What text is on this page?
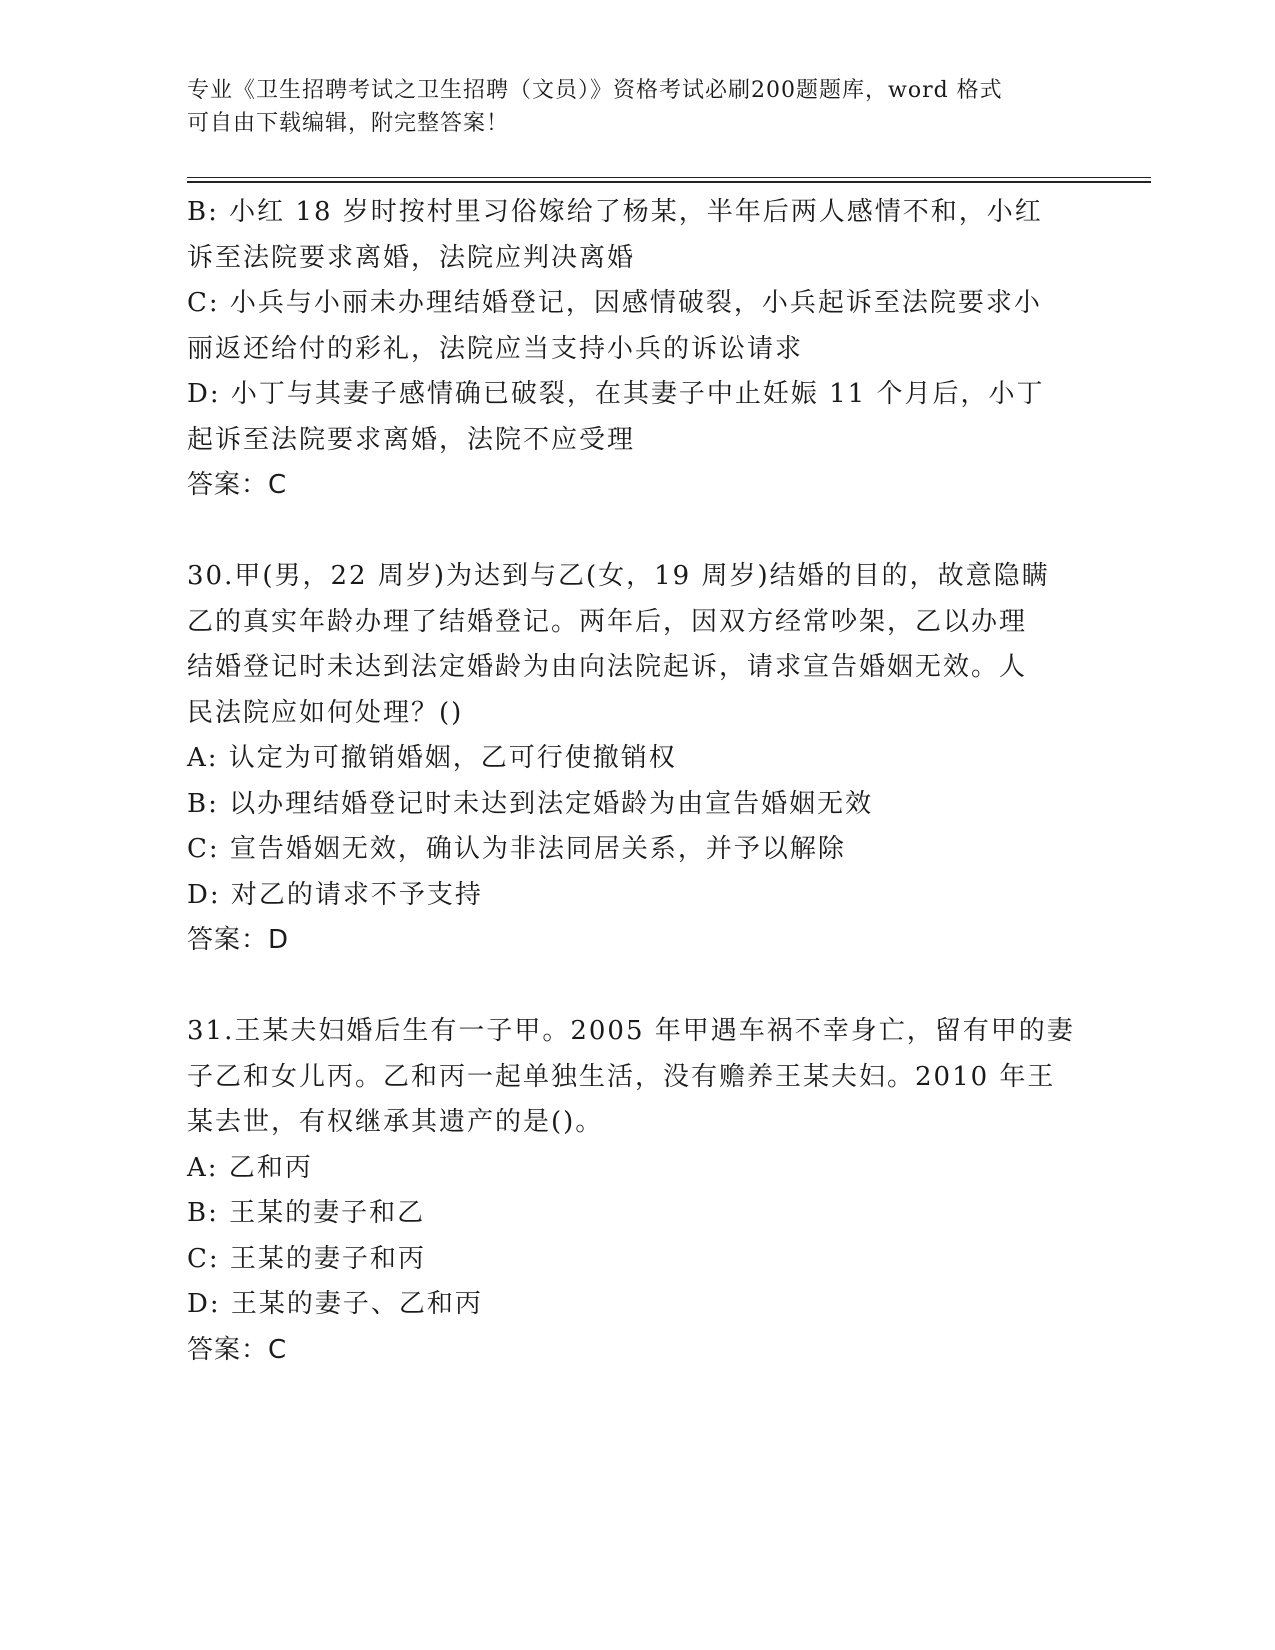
专业《卫生招聘考试之卫生招聘（文员）》资格考试必刷200题题库，word 格式
可自由下载编辑，附完整答案！
B: 小红 18 岁时按村里习俗嫁给了杨某，半年后两人感情不和，小红
诉至法院要求离婚，法院应判决离婚
C: 小兵与小丽未办理结婚登记，因感情破裂，小兵起诉至法院要求小
丽返还给付的彩礼，法院应当支持小兵的诉讼请求
D: 小丁与其妻子感情确已破裂，在其妻子中止妊娠 11 个月后，小丁
起诉至法院要求离婚，法院不应受理
答案：C
30.甲(男，22 周岁)为达到与乙(女，19 周岁)结婚的目的，故意隐瞒
乙的真实年龄办理了结婚登记。两年后，因双方经常吵架，乙以办理
结婚登记时未达到法定婚龄为由向法院起诉，请求宣告婚姻无效。人
民法院应如何处理？()
A: 认定为可撤销婚姻，乙可行使撤销权
B: 以办理结婚登记时未达到法定婚龄为由宣告婚姻无效
C: 宣告婚姻无效，确认为非法同居关系，并予以解除
D: 对乙的请求不予支持
答案：D
31.王某夫妇婚后生有一子甲。2005 年甲遇车祸不幸身亡，留有甲的妻
子乙和女儿丙。乙和丙一起单独生活，没有赡养王某夫妇。2010 年王
某去世，有权继承其遗产的是()。
A: 乙和丙
B: 王某的妻子和乙
C: 王某的妻子和丙
D: 王某的妻子、乙和丙
答案：C
